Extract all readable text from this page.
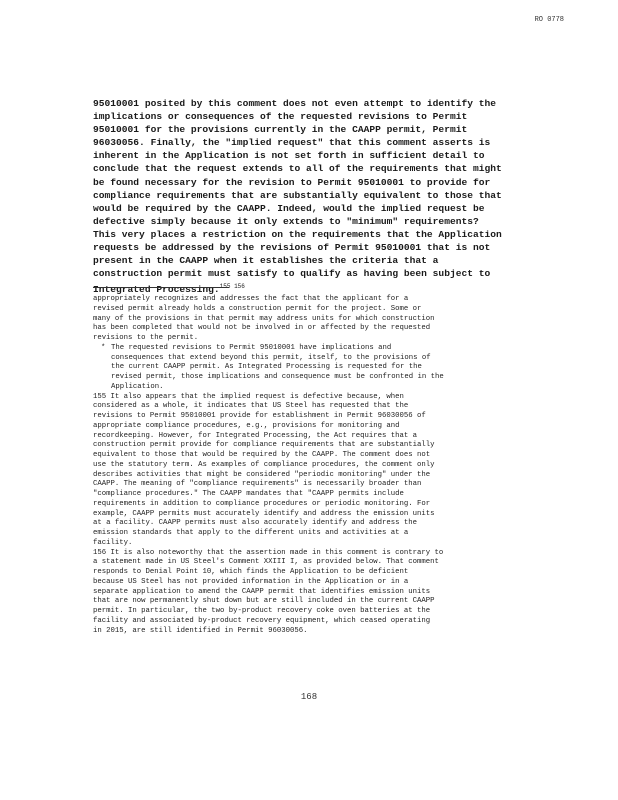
RO 0778
95010001 posited by this comment does not even attempt to identify the
implications or consequences of the requested revisions to Permit
95010001 for the provisions currently in the CAAPP permit, Permit
96030056. Finally, the "implied request" that this comment asserts is
inherent in the Application is not set forth in sufficient detail to
conclude that the request extends to all of the requirements that might
be found necessary for the revision to Permit 95010001 to provide for
compliance requirements that are substantially equivalent to those that
would be required by the CAAPP. Indeed, would the implied request be
defective simply because it only extends to "minimum" requirements?
This very places a restriction on the requirements that the Application
requests be addressed by the revisions of Permit 95010001 that is not
present in the CAAPP when it establishes the criteria that a
construction permit must satisfy to qualify as having been subject to
Integrated Processing.$^{155 156}$
appropriately recognizes and addresses the fact that the applicant for a
revised permit already holds a construction permit for the project. Some or
many of the provisions in that permit may address units for which construction
has been completed that would not be involved in or affected by the requested
revisions to the permit.
* The requested revisions to Permit 95010001 have implications and
consequences that extend beyond this permit, itself, to the provisions of
the current CAAPP permit. As Integrated Processing is requested for the
revised permit, those implications and consequence must be confronted in the
Application.
155 It also appears that the implied request is defective because, when
considered as a whole, it indicates that US Steel has requested that the
revisions to Permit 95010001 provide for establishment in Permit 96030056 of
appropriate compliance procedures, e.g., provisions for monitoring and
recordkeeping. However, for Integrated Processing, the Act requires that a
construction permit provide for compliance requirements that are substantially
equivalent to those that would be required by the CAAPP. The comment does not
use the statutory term. As examples of compliance procedures, the comment only
describes activities that might be considered "periodic monitoring" under the
CAAPP. The meaning of "compliance requirements" is necessarily broader than
"compliance procedures." The CAAPP mandates that "CAAPP permits include
requirements in addition to compliance procedures or periodic monitoring. For
example, CAAPP permits must accurately identify and address the emission units
at a facility. CAAPP permits must also accurately identify and address the
emission standards that apply to the different units and activities at a
facility.
156 It is also noteworthy that the assertion made in this comment is contrary to
a statement made in US Steel's Comment XXIII I, as provided below. That comment
responds to Denial Point 10, which finds the Application to be deficient
because US Steel has not provided information in the Application or in a
separate application to amend the CAAPP permit that identifies emission units
that are now permanently shut down but are still included in the current CAAPP
permit. In particular, the two by-product recovery coke oven batteries at the
facility and associated by-product recovery equipment, which ceased operating
in 2015, are still identified in Permit 96030056.
168
